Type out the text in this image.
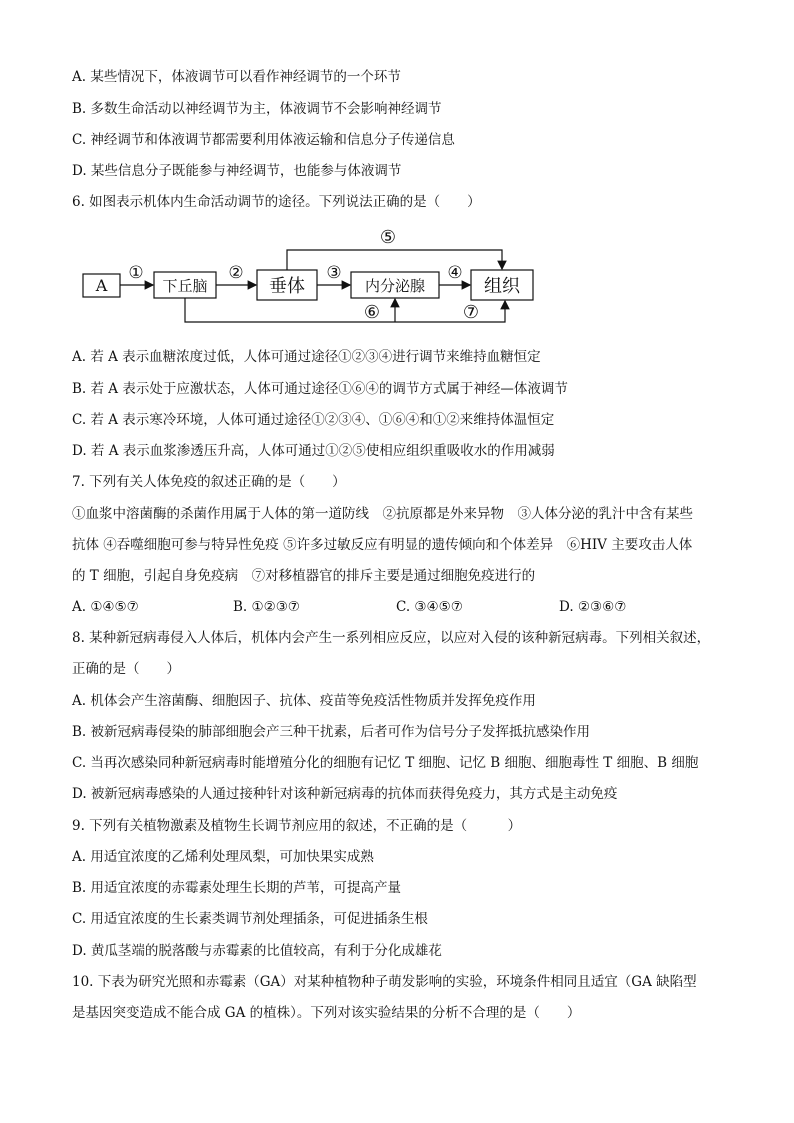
A. 某些情况下，体液调节可以看作神经调节的一个环节
B. 多数生命活动以神经调节为主，体液调节不会影响神经调节
C. 神经调节和体液调节都需要利用体液运输和信息分子传递信息
D. 某些信息分子既能参与神经调节，也能参与体液调节
6. 如图表示机体内生命活动调节的途径。下列说法正确的是（　　）
A	下丘脑	垂体	内分泌腺	组织
①	②	③	④
⑤
⑥	⑦
A. 若 A 表示血糖浓度过低，人体可通过途径①②③④进行调节来维持血糖恒定
B. 若 A 表示处于应激状态，人体可通过途径①⑥④的调节方式属于神经—体液调节
C. 若 A 表示寒冷环境，人体可通过途径①②③④、①⑥④和①②来维持体温恒定
D. 若 A 表示血浆渗透压升高，人体可通过①②⑤使相应组织重吸收水的作用减弱
7. 下列有关人体免疫的叙述正确的是（　　）
①血浆中溶菌酶的杀菌作用属于人体的第一道防线　②抗原都是外来异物　③人体分泌的乳汁中含有某些
抗体 ④吞噬细胞可参与特异性免疫 ⑤许多过敏反应有明显的遗传倾向和个体差异　⑥HIV 主要攻击人体
的 T 细胞，引起自身免疫病　⑦对移植器官的排斥主要是通过细胞免疫进行的
A. ①④⑤⑦	B. ①②③⑦	C. ③④⑤⑦	D. ②③⑥⑦
8. 某种新冠病毒侵入人体后，机体内会产生一系列相应反应，以应对入侵的该种新冠病毒。下列相关叙述，
正确的是（　　）
A. 机体会产生溶菌酶、细胞因子、抗体、疫苗等免疫活性物质并发挥免疫作用
B. 被新冠病毒侵染的肺部细胞会产三种干扰素，后者可作为信号分子发挥抵抗感染作用
C. 当再次感染同种新冠病毒时能增殖分化的细胞有记忆 T 细胞、记忆 B 细胞、细胞毒性 T 细胞、B 细胞
D. 被新冠病毒感染的人通过接种针对该种新冠病毒的抗体而获得免疫力，其方式是主动免疫
9. 下列有关植物激素及植物生长调节剂应用的叙述，不正确的是（　　　）
A. 用适宜浓度的乙烯利处理凤梨，可加快果实成熟
B. 用适宜浓度的赤霉素处理生长期的芦苇，可提高产量
C. 用适宜浓度的生长素类调节剂处理插条，可促进插条生根
D. 黄瓜茎端的脱落酸与赤霉素的比值较高，有利于分化成雄花
10. 下表为研究光照和赤霉素（GA）对某种植物种子萌发影响的实验，环境条件相同且适宜（GA 缺陷型
是基因突变造成不能合成 GA 的植株）。下列对该实验结果的分析不合理的是（　　）
